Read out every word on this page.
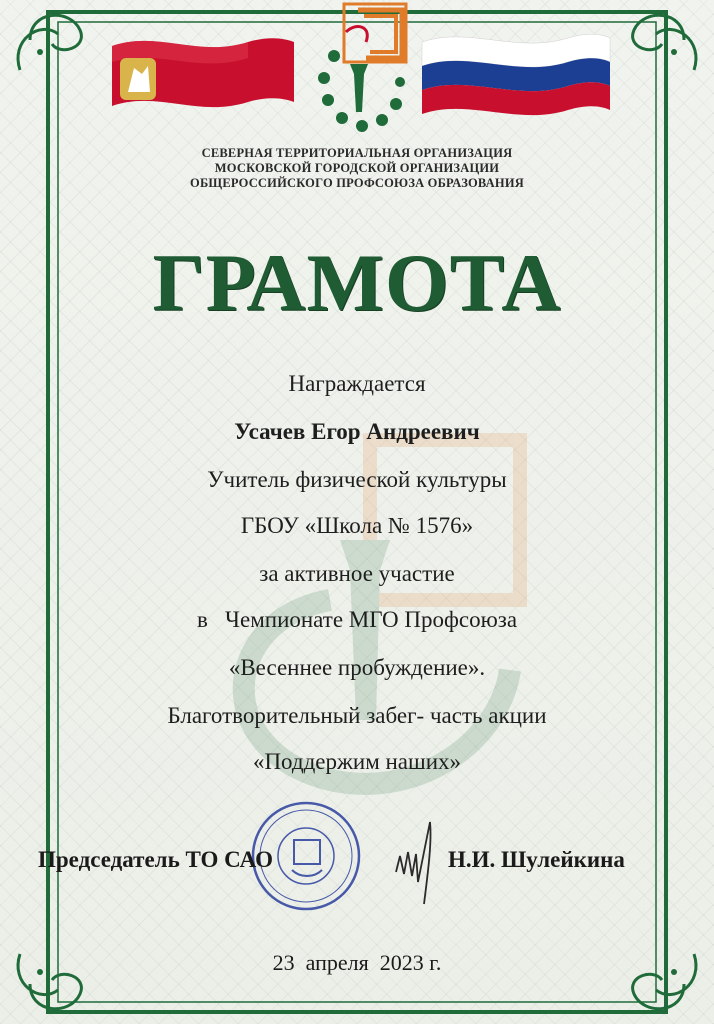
СЕВЕРНАЯ ТЕРРИТОРИАЛЬНАЯ ОРГАНИЗАЦИЯ
МОСКОВСКОЙ ГОРОДСКОЙ ОРГАНИЗАЦИИ
ОБЩЕРОССИЙСКОГО ПРОФСОЮЗА ОБРАЗОВАНИЯ
ГРАМОТА
Награждается
Усачев Егор Андреевич
Учитель физической культуры
ГБОУ «Школа № 1576»
за активное участие
в   Чемпионате МГО Профсоюза
«Весеннее пробуждение».
Благотворительный забег- часть акции
«Поддержим наших»
Председатель ТО САО	Н.И. Шулейкина
23  апреля  2023 г.
